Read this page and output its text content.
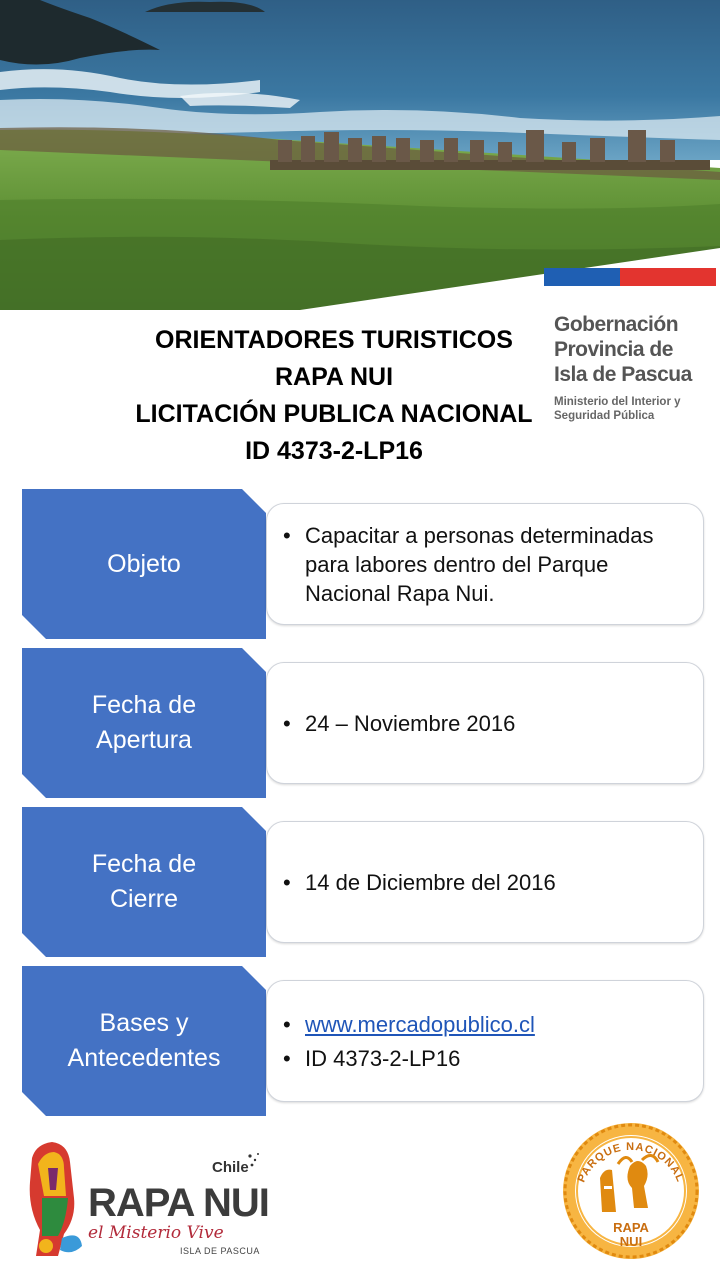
Gobernación
Provincia de
Isla de Pascua
Ministerio del Interior y
Seguridad Pública
ORIENTADORES TURISTICOS
RAPA NUI
LICITACIÓN PUBLICA NACIONAL
ID 4373-2-LP16
Objeto
• Capacitar a personas determinadas para labores dentro del Parque Nacional Rapa Nui.
Fecha de
Apertura
• 24 – Noviembre 2016
Fecha de
Cierre
• 14 de Diciembre del 2016
Bases y
Antecedentes
• www.mercadopublico.cl
• ID 4373-2-LP16
Chile
RAPA NUI
el Misterio Vive
ISLA DE PASCUA
PARQUE NACIONAL
RAPA
NUI
